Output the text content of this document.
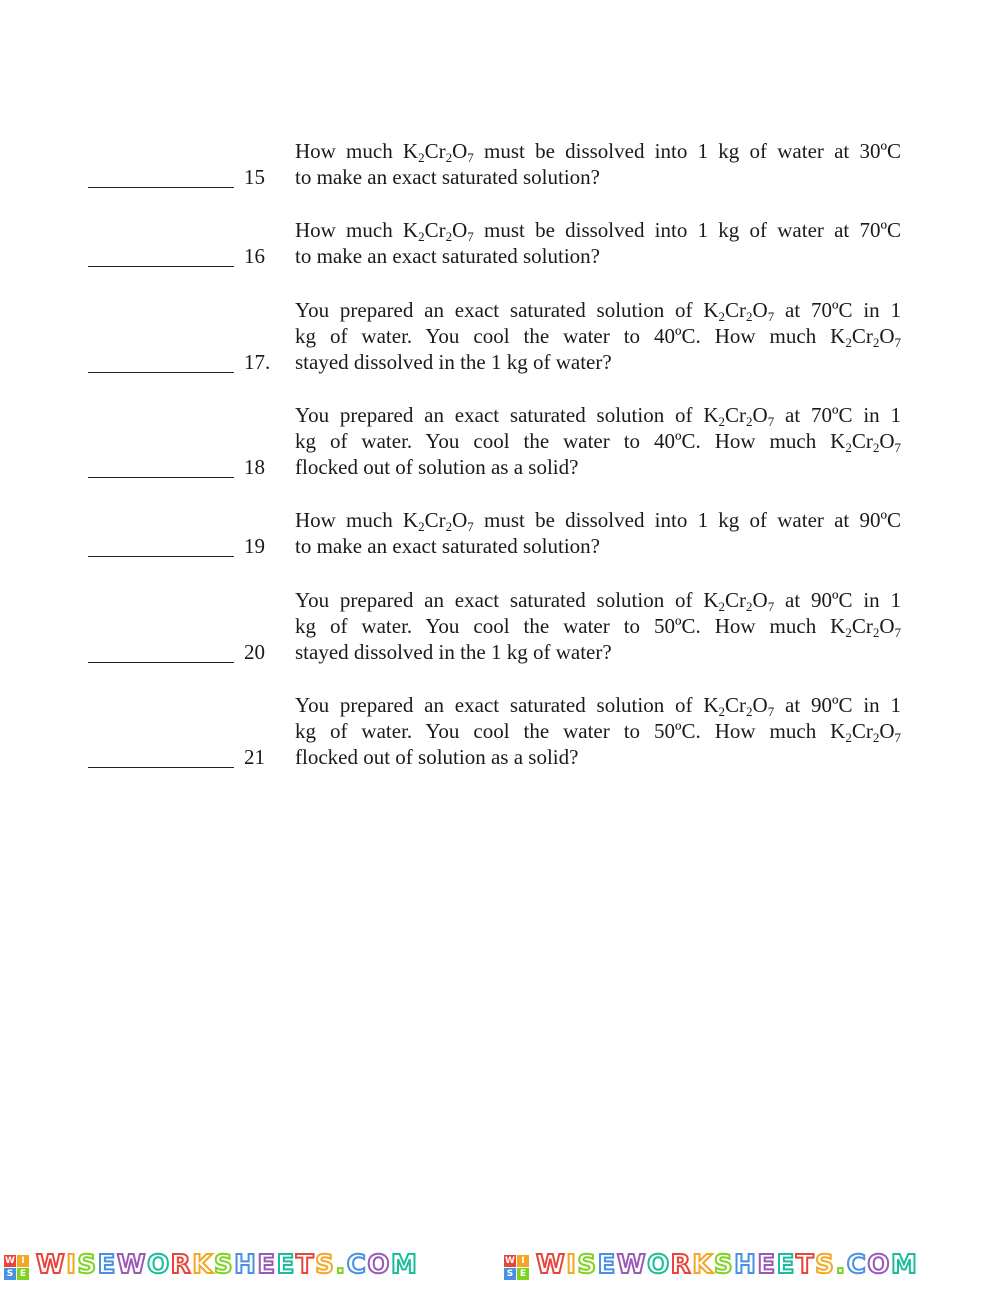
15
How much $K_2Cr_2O_7$ must be dissolved into 1 kg of water at 30ºC
to make an exact saturated solution?
16
How much $K_2Cr_2O_7$ must be dissolved into 1 kg of water at 70ºC
to make an exact saturated solution?
17.
You prepared an exact saturated solution of $K_2Cr_2O_7$ at 70ºC in 1
kg of water. You cool the water to 40ºC. How much $K_2Cr_2O_7$
stayed dissolved in the 1 kg of water?
18
You prepared an exact saturated solution of $K_2Cr_2O_7$ at 70ºC in 1
kg of water. You cool the water to 40ºC. How much $K_2Cr_2O_7$
flocked out of solution as a solid?
19
How much $K_2Cr_2O_7$ must be dissolved into 1 kg of water at 90ºC
to make an exact saturated solution?
20
You prepared an exact saturated solution of $K_2Cr_2O_7$ at 90ºC in 1
kg of water. You cool the water to 50ºC. How much $K_2Cr_2O_7$
stayed dissolved in the 1 kg of water?
21
You prepared an exact saturated solution of $K_2Cr_2O_7$ at 90ºC in 1
kg of water. You cool the water to 50ºC. How much $K_2Cr_2O_7$
flocked out of solution as a solid?
W I
S E WISEWORKSHEETS.COM	W I
S E WISEWORKSHEETS.COM
